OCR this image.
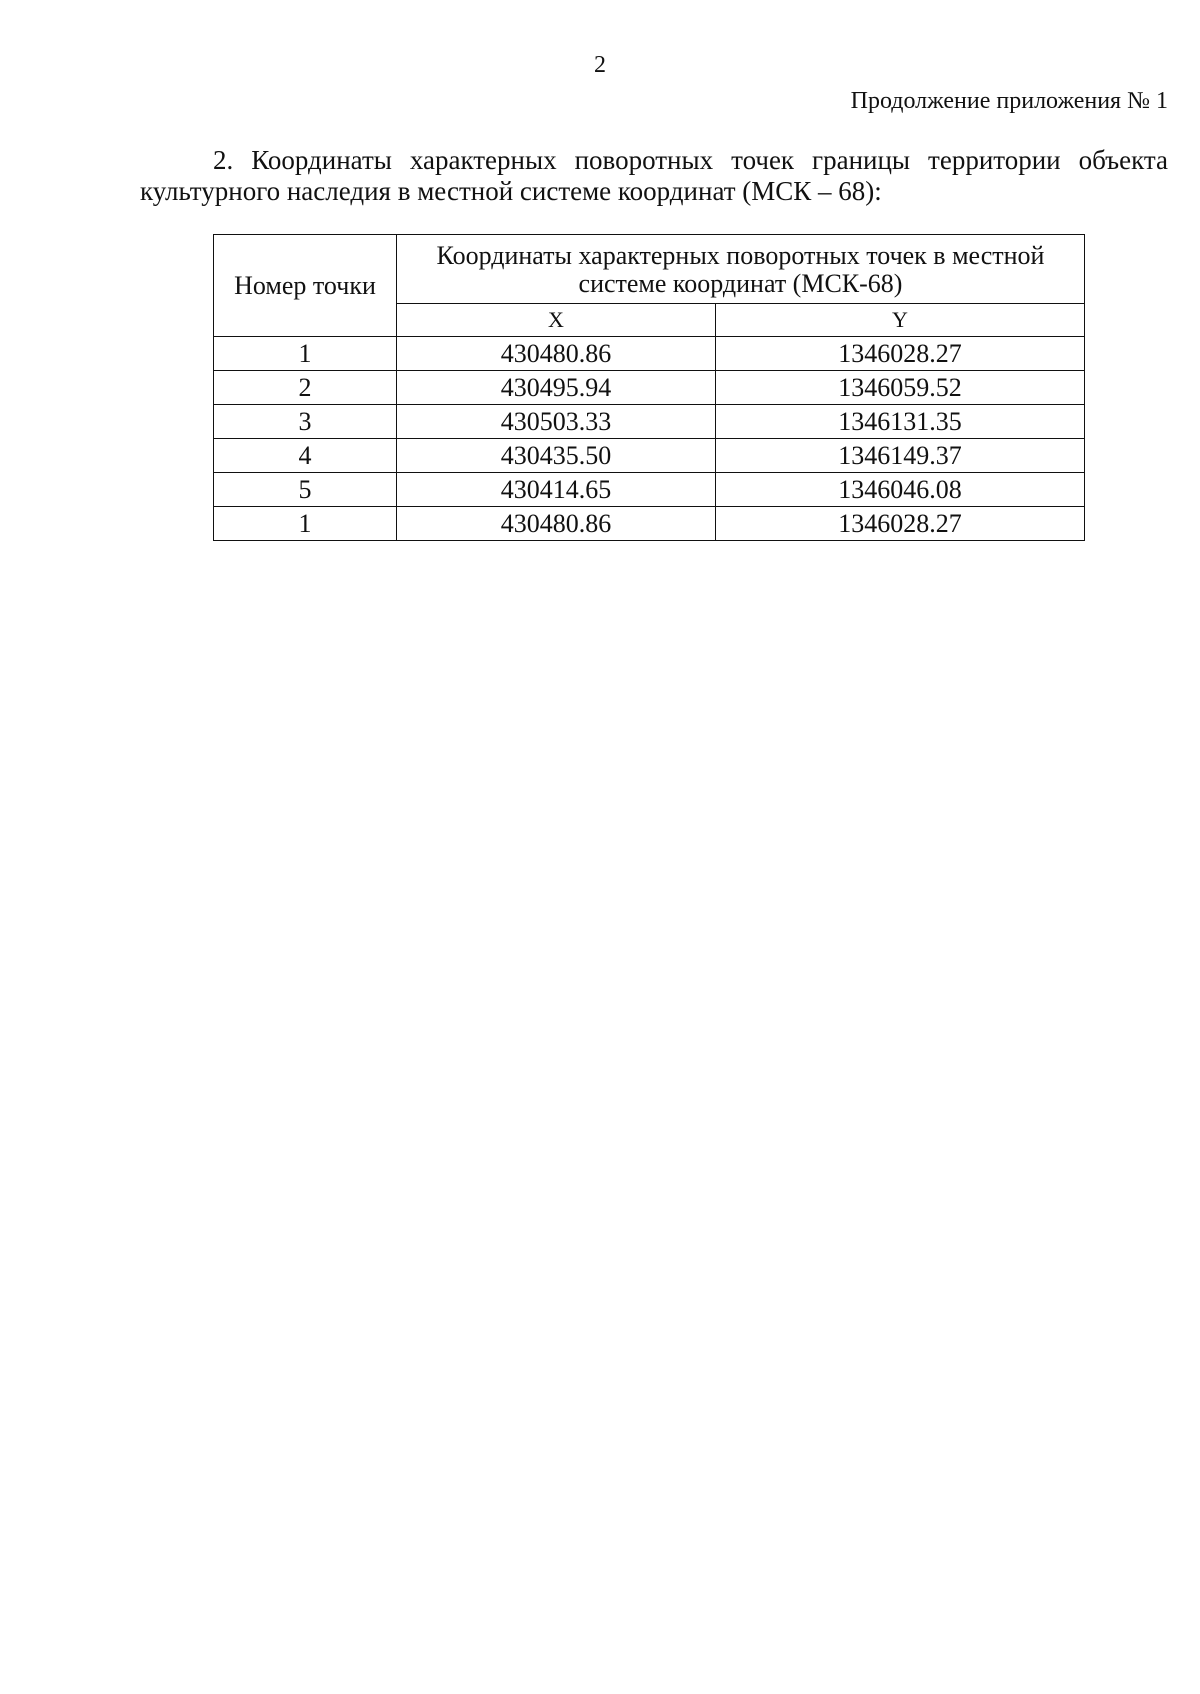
2
Продолжение приложения № 1

2. Координаты характерных поворотных точек границы территории объекта культурного наследия в местной системе координат (МСК – 68):

Номер точки	Координаты характерных поворотных точек в местной системе координат (МСК-68)	
	X	Y
1	430480.86	1346028.27
2	430495.94	1346059.52
3	430503.33	1346131.35
4	430435.50	1346149.37
5	430414.65	1346046.08
1	430480.86	1346028.27
